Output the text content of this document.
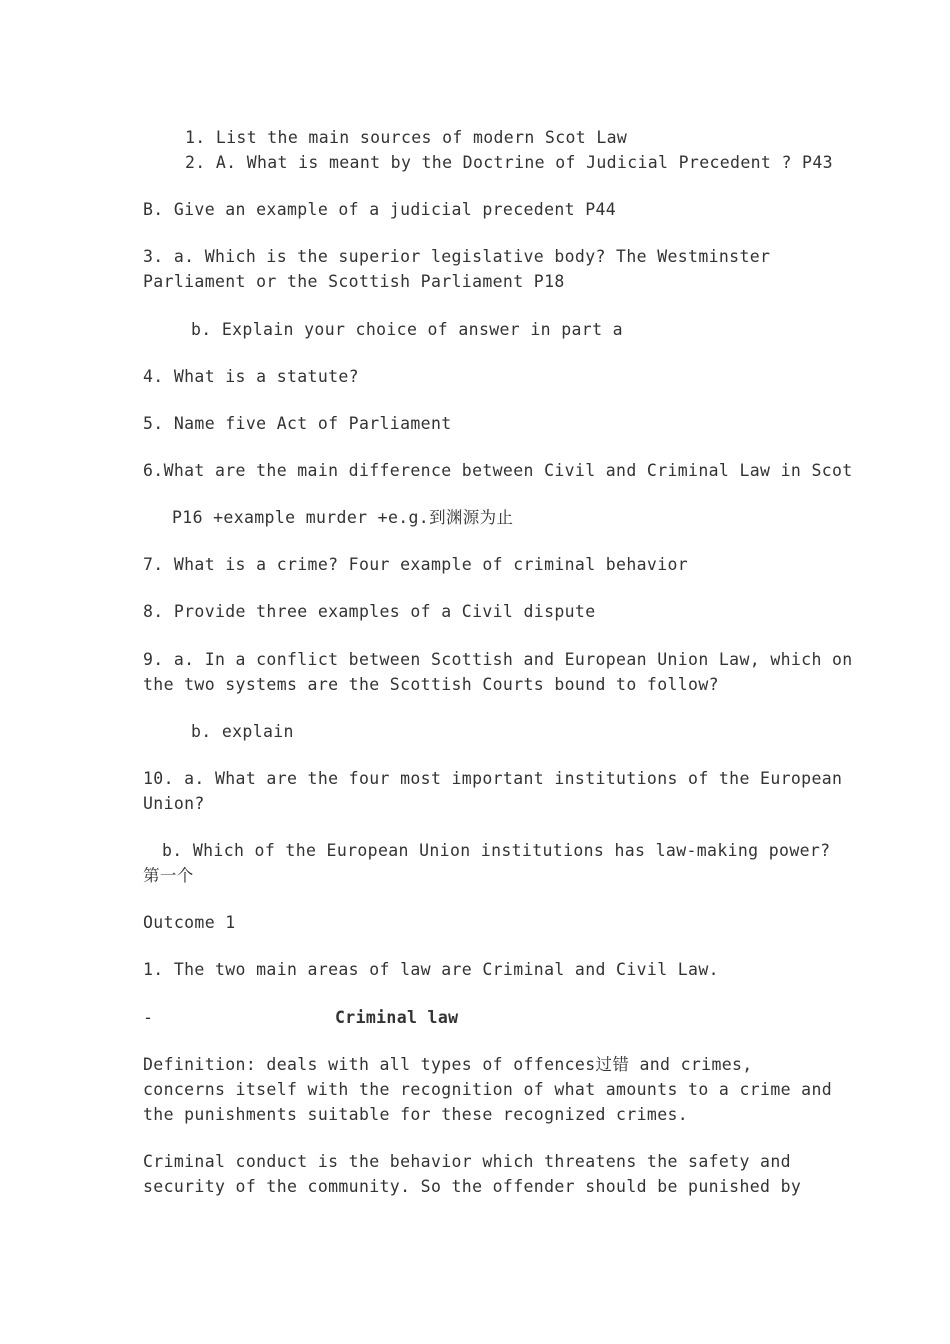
1. List the main sources of modern Scot Law
2. A. What is meant by the Doctrine of Judicial Precedent ? P43
B. Give an example of a judicial precedent P44
3. a. Which is the superior legislative body? The Westminster
Parliament or the Scottish Parliament P18
b. Explain your choice of answer in part a
4. What is a statute?
5. Name five Act of Parliament
6.What are the main difference between Civil and Criminal Law in Scot
P16 +example murder +e.g.到渊源为止
7. What is a crime? Four example of criminal behavior
8. Provide three examples of a Civil dispute
9. a. In a conflict between Scottish and European Union Law, which on
the two systems are the Scottish Courts bound to follow?
b. explain
10. a. What are the four most important institutions of the European
Union?
b. Which of the European Union institutions has law-making power?
第一个
Outcome 1
1. The two main areas of law are Criminal and Civil Law.
-	Criminal law
Definition: deals with all types of offences过错 and crimes,
concerns itself with the recognition of what amounts to a crime and
the punishments suitable for these recognized crimes.
Criminal conduct is the behavior which threatens the safety and
security of the community. So the offender should be punished by
